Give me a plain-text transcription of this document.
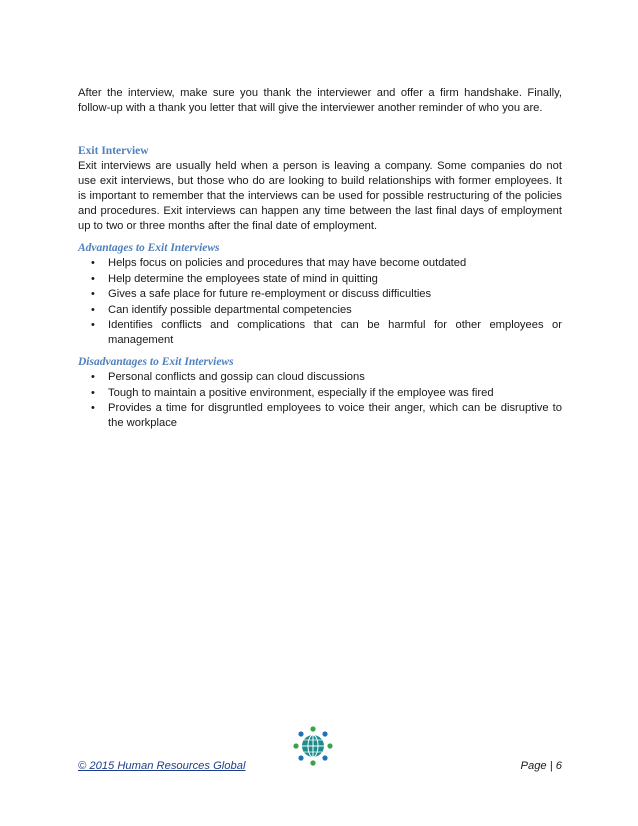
After the interview, make sure you thank the interviewer and offer a firm handshake. Finally, follow-up with a thank you letter that will give the interviewer another reminder of who you are.

Exit Interview

Exit interviews are usually held when a person is leaving a company. Some companies do not use exit interviews, but those who do are looking to build relationships with former employees. It is important to remember that the interviews can be used for possible restructuring of the policies and procedures. Exit interviews can happen any time between the last final days of employment up to two or three months after the final date of employment.

Advantages to Exit Interviews
• Helps focus on policies and procedures that may have become outdated
• Help determine the employees state of mind in quitting
• Gives a safe place for future re-employment or discuss difficulties
• Can identify possible departmental competencies
• Identifies conflicts and complications that can be harmful for other employees or management
Disadvantages to Exit Interviews
• Personal conflicts and gossip can cloud discussions
• Tough to maintain a positive environment, especially if the employee was fired
• Provides a time for disgruntled employees to voice their anger, which can be disruptive to the workplace
© 2015 Human Resources Global	Page | 6
